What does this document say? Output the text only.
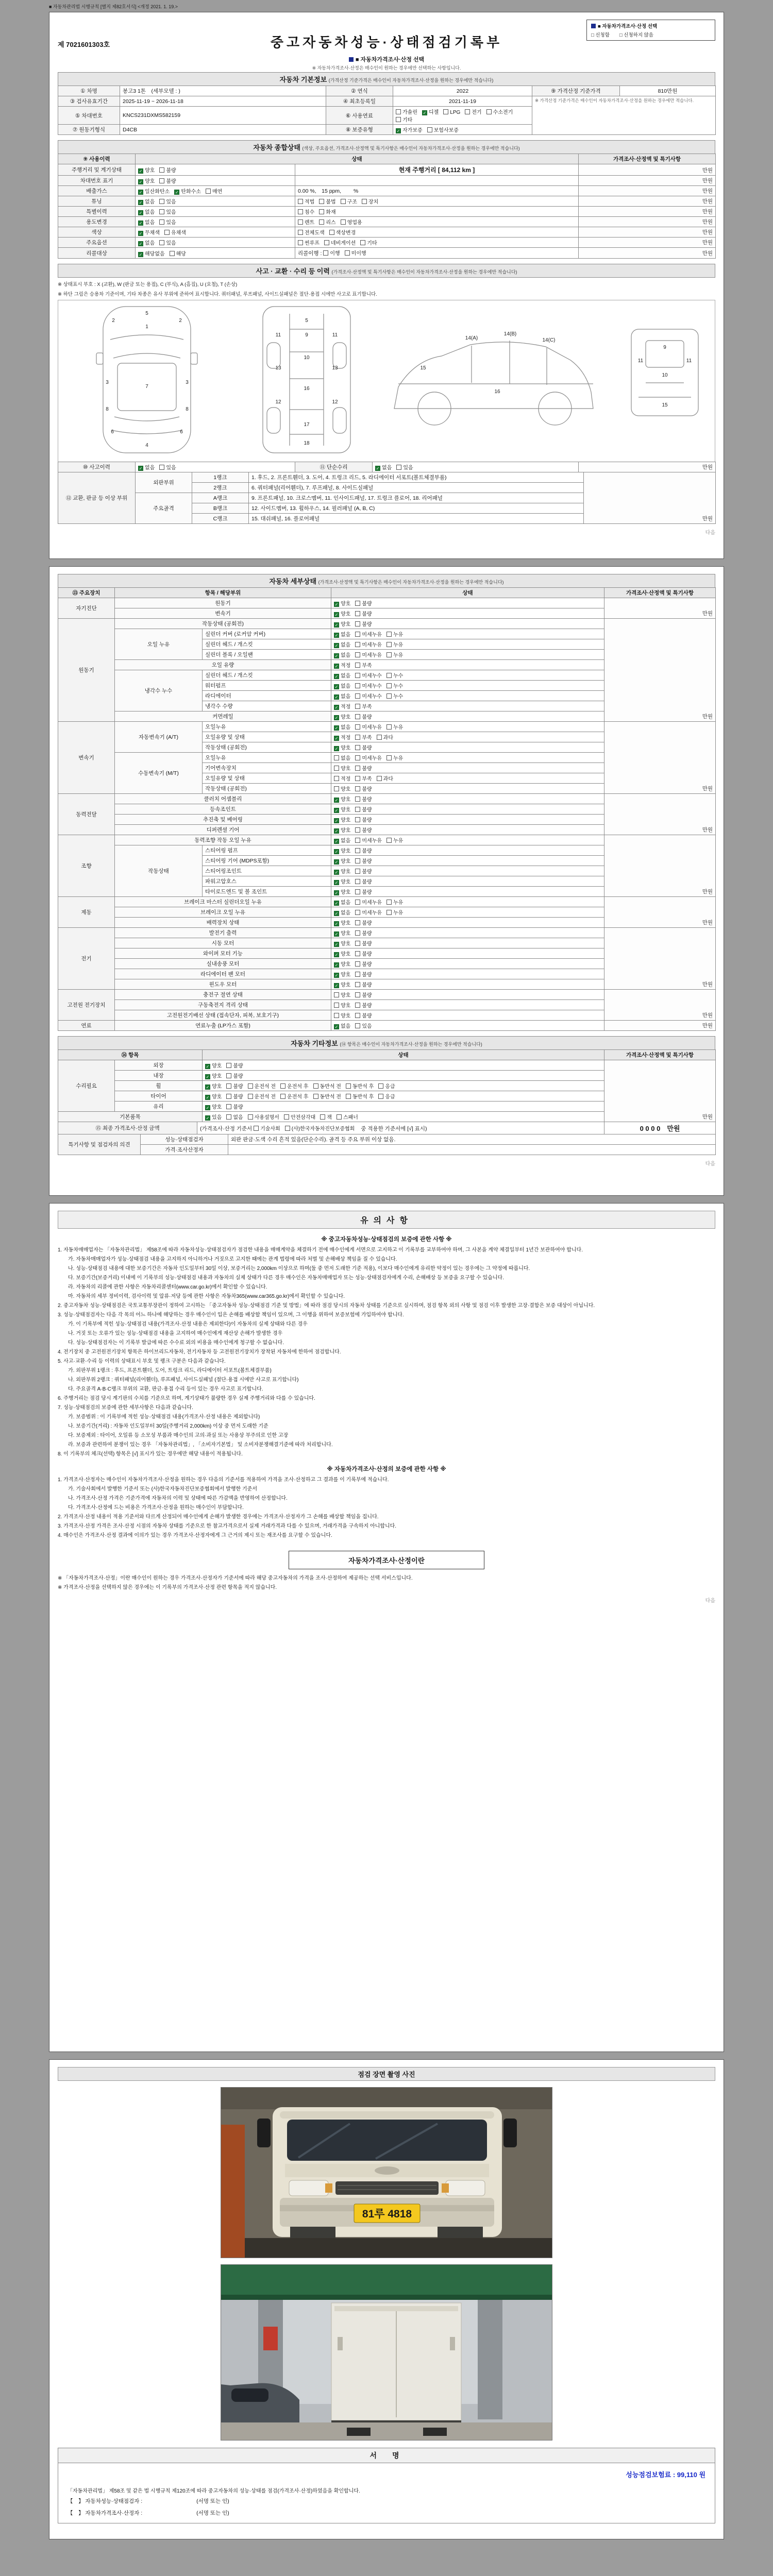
■ 자동차관리법 시행규칙 [별지 제82호서식] <개정 2021. 1. 19.>
제 7021601303호	중고자동차성능·상태점검기록부
■ 자동차가격조사·산정 선택
※ 자동차가격조사·산정은 매수인이 원하는 경우에만 선택하는 사항입니다.
■ 자동차가격조사·산정 선택
□ 신청함　　□ 신청하지 않음
자동차 기본정보 (가격산정 기준가격은 매수인이 자동차가격조사·산정을 원하는 경우에만 적습니다)
① 차명	봉고3 1톤　(세부모델 : )	② 연식	2022	⑨ 가격산정 기준가격	810만원
③ 검사유효기간	2025-11-19 ~ 2026-11-18	④ 최초등록일	2021-11-19	※ 가격산정 기준가격은 매수인이 자동차가격조사·산정을 원하는 경우에만 적습니다.	
⑤ 차대번호	KNCS231DXMS582159	⑥ 사용연료	가솔린 ✓ 디젤 LPG 전기 수소전기기타
⑦ 원동기형식	D4CB	⑧ 보증유형	✓자가보증 보험사보증
자동차 종합상태 (색상, 주요옵션, 가격조사·산정액 및 특기사항은 매수인이 자동차가격조사·산정을 원하는 경우에만 적습니다)
⑨ 사용이력	상태		가격조사·산정액 및 특기사항
주행거리 및 계기상태	✓양호 불량	현재 주행거리 [ 84,112 km ]	만원
차대번호 표기	✓양호 불량		만원
배출가스	✓일산화탄소 ✓ 탄화수소 매연	0.00 %,　15 ppm,　　 %	만원
튜닝	✓없음 있음	적법 불법 구조 장치	만원
특별이력	✓없음 있음	침수 화재	만원
용도변경	✓없음 있음	렌트 리스 영업용	만원
색상	✓무채색 유채색	전체도색 색상변경	만원
주요옵션	✓없음 있음	썬루프 네비게이션 기타	만원
리콜대상	✓해당없음 해당	리콜이행 : 이행 미이행	만원
사고 · 교환 · 수리 등 이력 (가격조사·산정액 및 특기사항은 매수인이 자동차가격조사·산정을 원하는 경우에만 적습니다)
※ 상태표시 부호 : X (교환), W (판금 또는 용접), C (부식), A (흠집), U (요철), T (손상)
※ 하단 그림은 승용차 기준이며, 기타 차종은 유사 부위에 준하여 표시합니다. 쿼터패널, 루프패널, 사이드실패널은 절단·용접 시에만 사고로 표기합니다.
5
1
2	2
3	3
7
8	8
6	6
4
5
9
10
11	11
13	13
12	12
16
17
18
14(A)
14(B)
14(C)
15
16
9
10
11	11
15
⑩ 사고이력	✓없음 있음	⑪ 단순수리	✓없음 있음	만원
⑫ 교환, 판금 등 이상 부위	외판부위	1랭크	1. 후드, 2. 프론트휀더, 3. 도어, 4. 트렁크 리드, 5. 라디에이터 서포트(볼트체결부품)	만원
		2랭크	6. 쿼터패널(리어휀더), 7. 루프패널, 8. 사이드실패널	
	주요골격	A랭크	9. 프론트패널, 10. 크로스멤버, 11. 인사이드패널, 17. 트렁크 플로어, 18. 리어패널	
		B랭크	12. 사이드멤버, 13. 휠하우스, 14. 필러패널 (A, B, C)	
		C랭크	15. 대쉬패널, 16. 플로어패널	
다음
자동차 세부상태 (가격조사·산정액 및 특기사항은 매수인이 자동차가격조사·산정을 원하는 경우에만 적습니다)
⑬ 주요장치	항목 / 해당부위		상태	가격조사·산정액 및 특기사항
자기진단	원동기	✓양호 불량	만원
	변속기	✓양호 불량
원동기	작동상태 (공회전)	✓양호 불량	만원
	오일 누유	실린더 커버 (로커암 커버)	✓없음 미세누유 누유
		실린더 헤드 / 개스킷	✓없음 미세누유 누유
		실린더 블록 / 오일팬	✓없음 미세누유 누유
	오일 유량	✓적정 부족
	냉각수 누수	실린더 헤드 / 개스킷	✓없음 미세누수 누수
		워터펌프	✓없음 미세누수 누수
		라디에이터	✓없음 미세누수 누수
		냉각수 수량	✓적정 부족
	커먼레일	✓양호 불량
변속기	자동변속기 (A/T)	오일누유	✓없음 미세누유 누유	만원
		오일유량 및 상태	✓적정 부족 과다
		작동상태 (공회전)	✓양호 불량
	수동변속기 (M/T)	오일누유	없음 미세누유 누유	
		기어변속장치	양호 불량	
		오일유량 및 상태	적정 부족 과다	
		작동상태 (공회전)	양호 불량	
동력전달	클러치 어셈블리	✓양호 불량	만원
	등속조인트	✓양호 불량
	추진축 및 베어링	✓양호 불량
	디퍼렌셜 기어	✓양호 불량
조향	동력조향 작동 오일 누유	✓없음 미세누유 누유	만원
	작동상태	스티어링 펌프	✓양호 불량
		스티어링 기어 (MDPS포함)	✓양호 불량
		스티어링조인트	✓양호 불량
		파워고압호스	✓양호 불량
		타이로드엔드 및 볼 조인트	✓양호 불량
제동	브레이크 마스터 실린더오일 누유	✓없음 미세누유 누유	만원
	브레이크 오일 누유	✓없음 미세누유 누유
	배력장치 상태	✓양호 불량
전기	발전기 출력	✓양호 불량	만원
	시동 모터	✓양호 불량
	와이퍼 모터 기능	✓양호 불량
	실내송풍 모터	✓양호 불량
	라디에이터 팬 모터	✓양호 불량
	윈도우 모터	✓양호 불량
고전원 전기장치	충전구 절연 상태		양호 불량	만원
	구동축전지 격리 상태		양호 불량	
	고전원전기배선 상태 (접속단자, 피복, 보호기구)		양호 불량	
연료	연료누출 (LP가스 포함)	✓없음 있음	만원
자동차 기타정보 (⑭ 항목은 매수인이 자동차가격조사·산정을 원하는 경우에만 적습니다)
⑭ 항목		상태	가격조사·산정액 및 특기사항
수리필요	외장	✓양호 불량	만원
	내장	✓양호 불량
	휠	✓양호 불량 운전석 전 운전석 후 동반석 전 동반석 후 응급
	타이어	✓양호 불량 운전석 전 운전석 후 동반석 전 동반석 후 응급
	유리	✓양호 불량
기본품목	✓있음 없음 사용설명서 안전삼각대 잭 스패너
⑮ 최종 가격조사·산정 금액	(가격조사·산정 기준서 기술사회 (사)한국자동차진단보증협회 중 적용한 기준서에 [√] 표시)	0 0 0 0　만원
특기사항 및 점검자의 의견	성능·상태점검자	외판 판금·도색 수리 흔적 있음(단순수리). 골격 등 주요 부위 이상 없음.
	가격·조사산정자	
다음
유의사항
※ 중고자동차성능·상태점검의 보증에 관한 사항 ※
1. 자동차매매업자는 「자동차관리법」 제58조에 따라 자동차성능·상태점검자가 점검한 내용을 매매계약을 체결하기 전에 매수인에게 서면으로 고지하고 이 기록부를 교부하여야 하며, 그 사본을 계약 체결일부터 1년간 보관하여야 합니다.
가. 자동차매매업자가 성능·상태점검 내용을 고지하지 아니하거나 거짓으로 고지한 때에는 관계 법령에 따라 처벌 및 손해배상 책임을 질 수 있습니다.
나. 성능·상태점검 내용에 대한 보증기간은 자동차 인도일부터 30일 이상, 보증거리는 2,000km 이상으로 하며(둘 중 먼저 도래한 기준 적용), 이보다 매수인에게 유리한 약정이 있는 경우에는 그 약정에 따릅니다.
다. 보증기간(보증거리) 이내에 이 기록부의 성능·상태점검 내용과 자동차의 실제 상태가 다른 경우 매수인은 자동차매매업자 또는 성능·상태점검자에게 수리, 손해배상 등 보증을 요구할 수 있습니다.
라. 자동차의 리콜에 관한 사항은 자동차리콜센터(www.car.go.kr)에서 확인할 수 있습니다.
마. 자동차의 세부 정비이력, 검사이력 및 압류·저당 등에 관한 사항은 자동차365(www.car365.go.kr)에서 확인할 수 있습니다.
2. 중고자동차 성능·상태점검은 국토교통부장관이 정하여 고시하는 「중고자동차 성능·상태점검 기준 및 방법」에 따라 점검 당시의 자동차 상태를 기준으로 실시하며, 점검 항목 외의 사항 및 점검 이후 발생한 고장·결함은 보증 대상이 아닙니다.
3. 성능·상태점검자는 다음 각 목의 어느 하나에 해당하는 경우 매수인이 입은 손해를 배상할 책임이 있으며, 그 이행을 위하여 보증보험에 가입하여야 합니다.
가. 이 기록부에 적힌 성능·상태점검 내용(가격조사·산정 내용은 제외한다)이 자동차의 실제 상태와 다른 경우
나. 거짓 또는 오류가 있는 성능·상태점검 내용을 고지하여 매수인에게 재산상 손해가 발생한 경우
다. 성능·상태점검자는 이 기록부 발급에 따른 수수료 외의 비용을 매수인에게 청구할 수 없습니다.
4. 전기장치 중 고전원전기장치 항목은 하이브리드자동차, 전기자동차 등 고전원전기장치가 장착된 자동차에 한하여 점검합니다.
5. 사고·교환·수리 등 이력의 상태표시 부호 및 랭크 구분은 다음과 같습니다.
가. 외판부위 1랭크 : 후드, 프론트휀더, 도어, 트렁크 리드, 라디에이터 서포트(볼트체결부품)
나. 외판부위 2랭크 : 쿼터패널(리어휀더), 루프패널, 사이드실패널 (절단·용접 시에만 사고로 표기합니다)
다. 주요골격 A·B·C랭크 부위의 교환, 판금·용접 수리 등이 있는 경우 사고로 표기합니다.
6. 주행거리는 점검 당시 계기판의 수치를 기준으로 하며, 계기상태가 불량한 경우 실제 주행거리와 다를 수 있습니다.
7. 성능·상태점검의 보증에 관한 세부사항은 다음과 같습니다.
가. 보증범위 : 이 기록부에 적힌 성능·상태점검 내용(가격조사·산정 내용은 제외합니다)
나. 보증기간(거리) : 자동차 인도일부터 30일(주행거리 2,000km) 이상 중 먼저 도래한 기준
다. 보증제외 : 타이어, 오일류 등 소모성 부품과 매수인의 고의·과실 또는 사용상 부주의로 인한 고장
라. 보증과 관련하여 분쟁이 있는 경우 「자동차관리법」, 「소비자기본법」 및 소비자분쟁해결기준에 따라 처리합니다.
8. 이 기록부의 체크(선택) 항목은 [√] 표시가 있는 경우에만 해당 내용이 적용됩니다.
※ 자동차가격조사·산정의 보증에 관한 사항 ※
1. 가격조사·산정자는 매수인이 자동차가격조사·산정을 원하는 경우 다음의 기준서를 적용하여 가격을 조사·산정하고 그 결과를 이 기록부에 적습니다.
가. 기술사회에서 발행한 기준서 또는 (사)한국자동차진단보증협회에서 발행한 기준서
나. 가격조사·산정 가격은 기준가격에 자동차의 이력 및 상태에 따른 가감액을 반영하여 산정합니다.
다. 가격조사·산정에 드는 비용은 가격조사·산정을 원하는 매수인이 부담합니다.
2. 가격조사·산정 내용이 적용 기준서와 다르게 산정되어 매수인에게 손해가 발생한 경우에는 가격조사·산정자가 그 손해를 배상할 책임을 집니다.
3. 가격조사·산정 가격은 조사·산정 시점의 자동차 상태를 기준으로 한 참고가격으로서 실제 거래가격과 다를 수 있으며, 거래가격을 구속하지 아니합니다.
4. 매수인은 가격조사·산정 결과에 이의가 있는 경우 가격조사·산정자에게 그 근거의 제시 또는 재조사를 요구할 수 있습니다.
자동차가격조사·산정이란
※ 「자동차가격조사·산정」이란 매수인이 원하는 경우 가격조사·산정자가 기준서에 따라 해당 중고자동차의 가격을 조사·산정하여 제공하는 선택 서비스입니다.
※ 가격조사·산정을 선택하지 않은 경우에는 이 기록부의 가격조사·산정 관련 항목을 적지 않습니다.
다음
점검 장면 촬영 사진
81루 4818
서　명
성능점검보험료 : 99,110 원
「자동차관리법」 제58조 및 같은 법 시행규칙 제120조에 따라 중고자동차의 성능·상태를 점검(가격조사·산정)하였음을 확인합니다.
【　】 자동차성능·상태점검자 :　　　　　　　　　　(서명 또는 인)
【　】 자동차가격조사·산정자 :　　　　　　　　　　(서명 또는 인)
